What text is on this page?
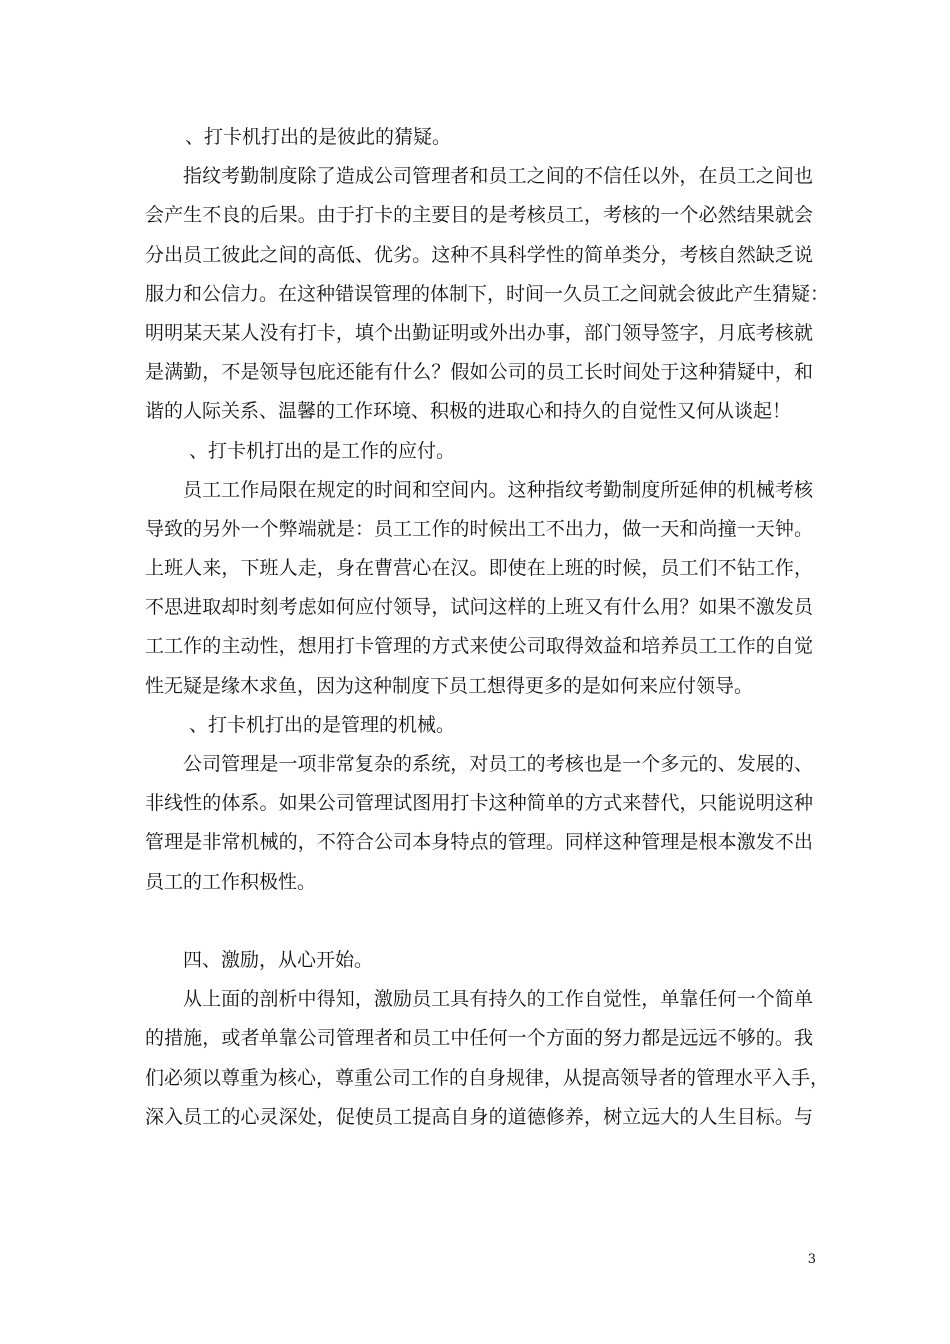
、打卡机打出的是彼此的猜疑。
指纹考勤制度除了造成公司管理者和员工之间的不信任以外，在员工之间也
会产生不良的后果。由于打卡的主要目的是考核员工，考核的一个必然结果就会
分出员工彼此之间的高低、优劣。这种不具科学性的简单类分，考核自然缺乏说
服力和公信力。在这种错误管理的体制下，时间一久员工之间就会彼此产生猜疑：
明明某天某人没有打卡，填个出勤证明或外出办事，部门领导签字，月底考核就
是满勤，不是领导包庇还能有什么？假如公司的员工长时间处于这种猜疑中，和
谐的人际关系、温馨的工作环境、积极的进取心和持久的自觉性又何从谈起！
、打卡机打出的是工作的应付。
员工工作局限在规定的时间和空间内。这种指纹考勤制度所延伸的机械考核
导致的另外一个弊端就是：员工工作的时候出工不出力，做一天和尚撞一天钟。
上班人来，下班人走，身在曹营心在汉。即使在上班的时候，员工们不钻工作，
不思进取却时刻考虑如何应付领导，试问这样的上班又有什么用？如果不激发员
工工作的主动性，想用打卡管理的方式来使公司取得效益和培养员工工作的自觉
性无疑是缘木求鱼，因为这种制度下员工想得更多的是如何来应付领导。
、打卡机打出的是管理的机械。
公司管理是一项非常复杂的系统，对员工的考核也是一个多元的、发展的、
非线性的体系。如果公司管理试图用打卡这种简单的方式来替代，只能说明这种
管理是非常机械的，不符合公司本身特点的管理。同样这种管理是根本激发不出
员工的工作积极性。
四、激励，从心开始。
从上面的剖析中得知，激励员工具有持久的工作自觉性，单靠任何一个简单
的措施，或者单靠公司管理者和员工中任何一个方面的努力都是远远不够的。我
们必须以尊重为核心，尊重公司工作的自身规律，从提高领导者的管理水平入手，
深入员工的心灵深处，促使员工提高自身的道德修养，树立远大的人生目标。与
3
